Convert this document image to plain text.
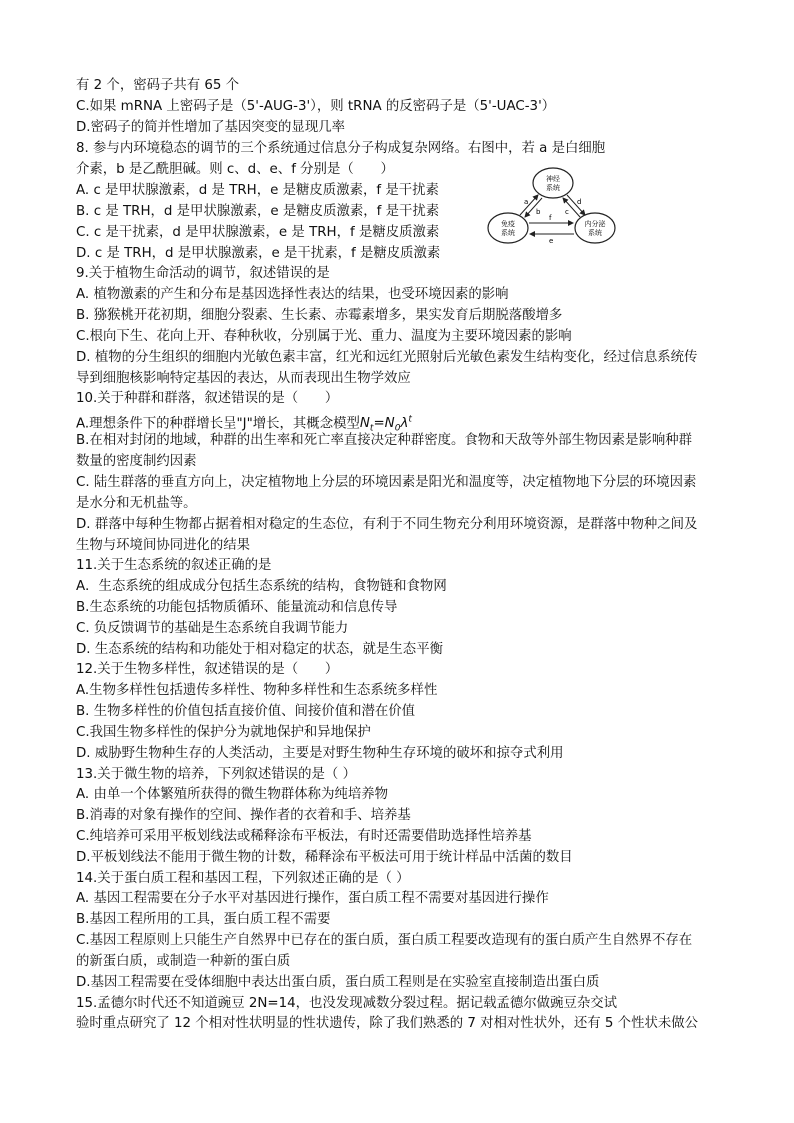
有 2 个，密码子共有 65 个
C.如果 mRNA 上密码子是（5'-AUG-3'），则 tRNA 的反密码子是（5'-UAC-3'）
D.密码子的简并性增加了基因突变的显现几率
8. 参与内环境稳态的调节的三个系统通过信息分子构成复杂网络。右图中，若 a 是白细胞
介素，b 是乙酰胆碱。则 c、d、e、f 分别是（　　）
A. c 是甲状腺激素，d 是 TRH，e 是糖皮质激素，f 是干扰素
B. c 是 TRH，d 是甲状腺激素，e 是糖皮质激素，f 是干扰素
C. c 是干扰素，d 是甲状腺激素，e 是 TRH，f 是糖皮质激素
D. c 是 TRH，d 是甲状腺激素，e 是干扰素，f 是糖皮质激素
神经
系统
免疫
系统
内分泌
系统
a
b	c
d
f
e
9.关于植物生命活动的调节，叙述错误的是
A. 植物激素的产生和分布是基因选择性表达的结果，也受环境因素的影响
B. 猕猴桃开花初期，细胞分裂素、生长素、赤霉素增多，果实发育后期脱落酸增多
C.根向下生、花向上开、春种秋收，分别属于光、重力、温度为主要环境因素的影响
D. 植物的分生组织的细胞内光敏色素丰富，红光和远红光照射后光敏色素发生结构变化，经过信息系统传
导到细胞核影响特定基因的表达，从而表现出生物学效应
10.关于种群和群落，叙述错误的是（　　）
A.理想条件下的种群增长呈"J"增长，其概念模型$N_t=N_0\lambda^t$
B.在相对封闭的地域，种群的出生率和死亡率直接决定种群密度。食物和天敌等外部生物因素是影响种群
数量的密度制约因素
C. 陆生群落的垂直方向上，决定植物地上分层的环境因素是阳光和温度等，决定植物地下分层的环境因素
是水分和无机盐等。
D. 群落中每种生物都占据着相对稳定的生态位，有利于不同生物充分利用环境资源，是群落中物种之间及
生物与环境间协同进化的结果
11.关于生态系统的叙述正确的是
A．生态系统的组成成分包括生态系统的结构，食物链和食物网
B.生态系统的功能包括物质循环、能量流动和信息传导
C. 负反馈调节的基础是生态系统自我调节能力
D. 生态系统的结构和功能处于相对稳定的状态，就是生态平衡
12.关于生物多样性，叙述错误的是（　　）
A.生物多样性包括遗传多样性、物种多样性和生态系统多样性
B. 生物多样性的价值包括直接价值、间接价值和潜在价值
C.我国生物多样性的保护分为就地保护和异地保护
D. 威胁野生物种生存的人类活动，主要是对野生物种生存环境的破坏和掠夺式利用
13.关于微生物的培养，下列叙述错误的是（ ）
A. 由单一个体繁殖所获得的微生物群体称为纯培养物
B.消毒的对象有操作的空间、操作者的衣着和手、培养基
C.纯培养可采用平板划线法或稀释涂布平板法，有时还需要借助选择性培养基
D.平板划线法不能用于微生物的计数，稀释涂布平板法可用于统计样品中活菌的数目
14.关于蛋白质工程和基因工程，下列叙述正确的是（ ）
A. 基因工程需要在分子水平对基因进行操作，蛋白质工程不需要对基因进行操作
B.基因工程所用的工具，蛋白质工程不需要
C.基因工程原则上只能生产自然界中已存在的蛋白质，蛋白质工程要改造现有的蛋白质产生自然界不存在
的新蛋白质，或制造一种新的蛋白质
D.基因工程需要在受体细胞中表达出蛋白质，蛋白质工程则是在实验室直接制造出蛋白质
15.孟德尔时代还不知道豌豆 2N=14，也没发现减数分裂过程。据记载孟德尔做豌豆杂交试
验时重点研究了 12 个相对性状明显的性状遗传，除了我们熟悉的 7 对相对性状外，还有 5 个性状未做公
